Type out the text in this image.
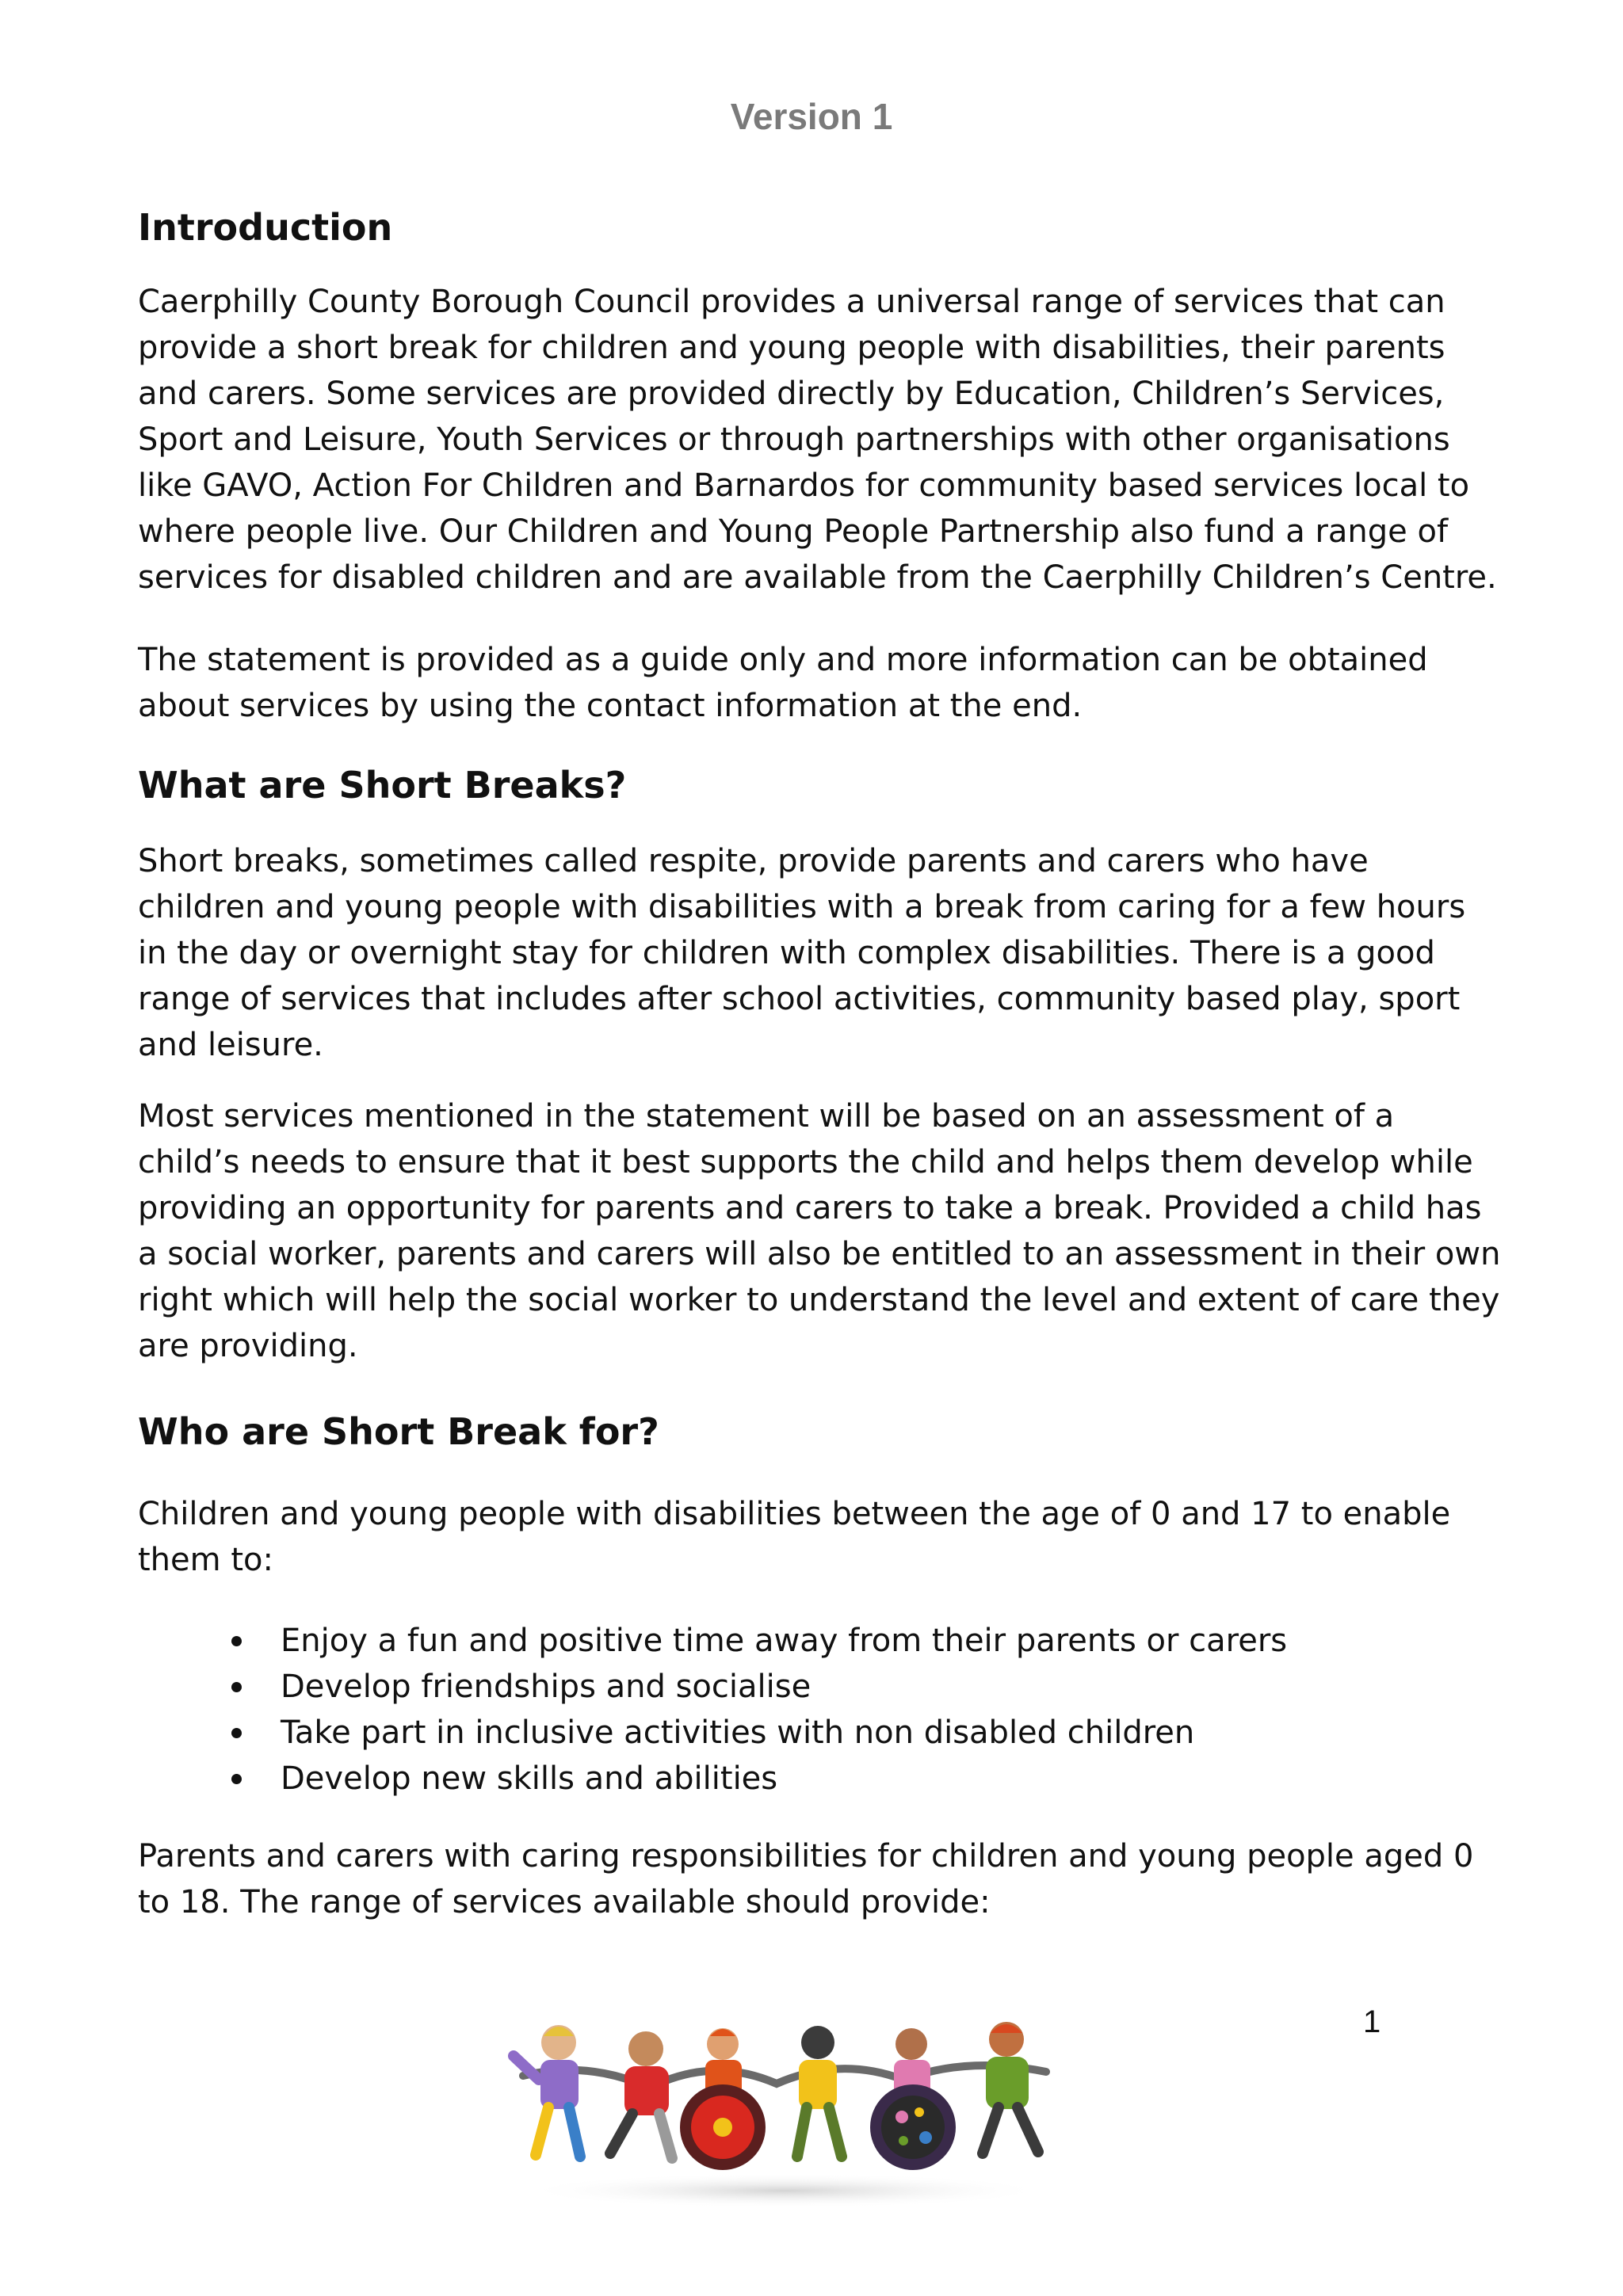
Version 1
Introduction

Caerphilly County Borough Council provides a universal range of services that can provide a short break for children and young people with disabilities, their parents and carers. Some services are provided directly by Education, Children’s Services, Sport and Leisure, Youth Services or through partnerships with other organisations like GAVO, Action For Children and Barnardos for community based services local to where people live. Our Children and Young People Partnership also fund a range of services for disabled children and are available from the Caerphilly Children’s Centre.

The statement is provided as a guide only and more information can be obtained about services by using the contact information at the end.

What are Short Breaks?

Short breaks, sometimes called respite, provide parents and carers who have children and young people with disabilities with a break from caring for a few hours in the day or overnight stay for children with complex disabilities. There is a good range of services that includes after school activities, community based play, sport and leisure.

Most services mentioned in the statement will be based on an assessment of a child’s needs to ensure that it best supports the child and helps them develop while providing an opportunity for parents and carers to take a break. Provided a child has a social worker, parents and carers will also be entitled to an assessment in their own right which will help the social worker to understand the level and extent of care they are providing.

Who are Short Break for?

Children and young people with disabilities between the age of 0 and 17 to enable them to:

Enjoy a fun and positive time away from their parents or carers
Develop friendships and socialise
Take part in inclusive activities with non disabled children
Develop new skills and abilities

Parents and carers with caring responsibilities for children and young people aged 0 to 18. The range of services available should provide:

1
